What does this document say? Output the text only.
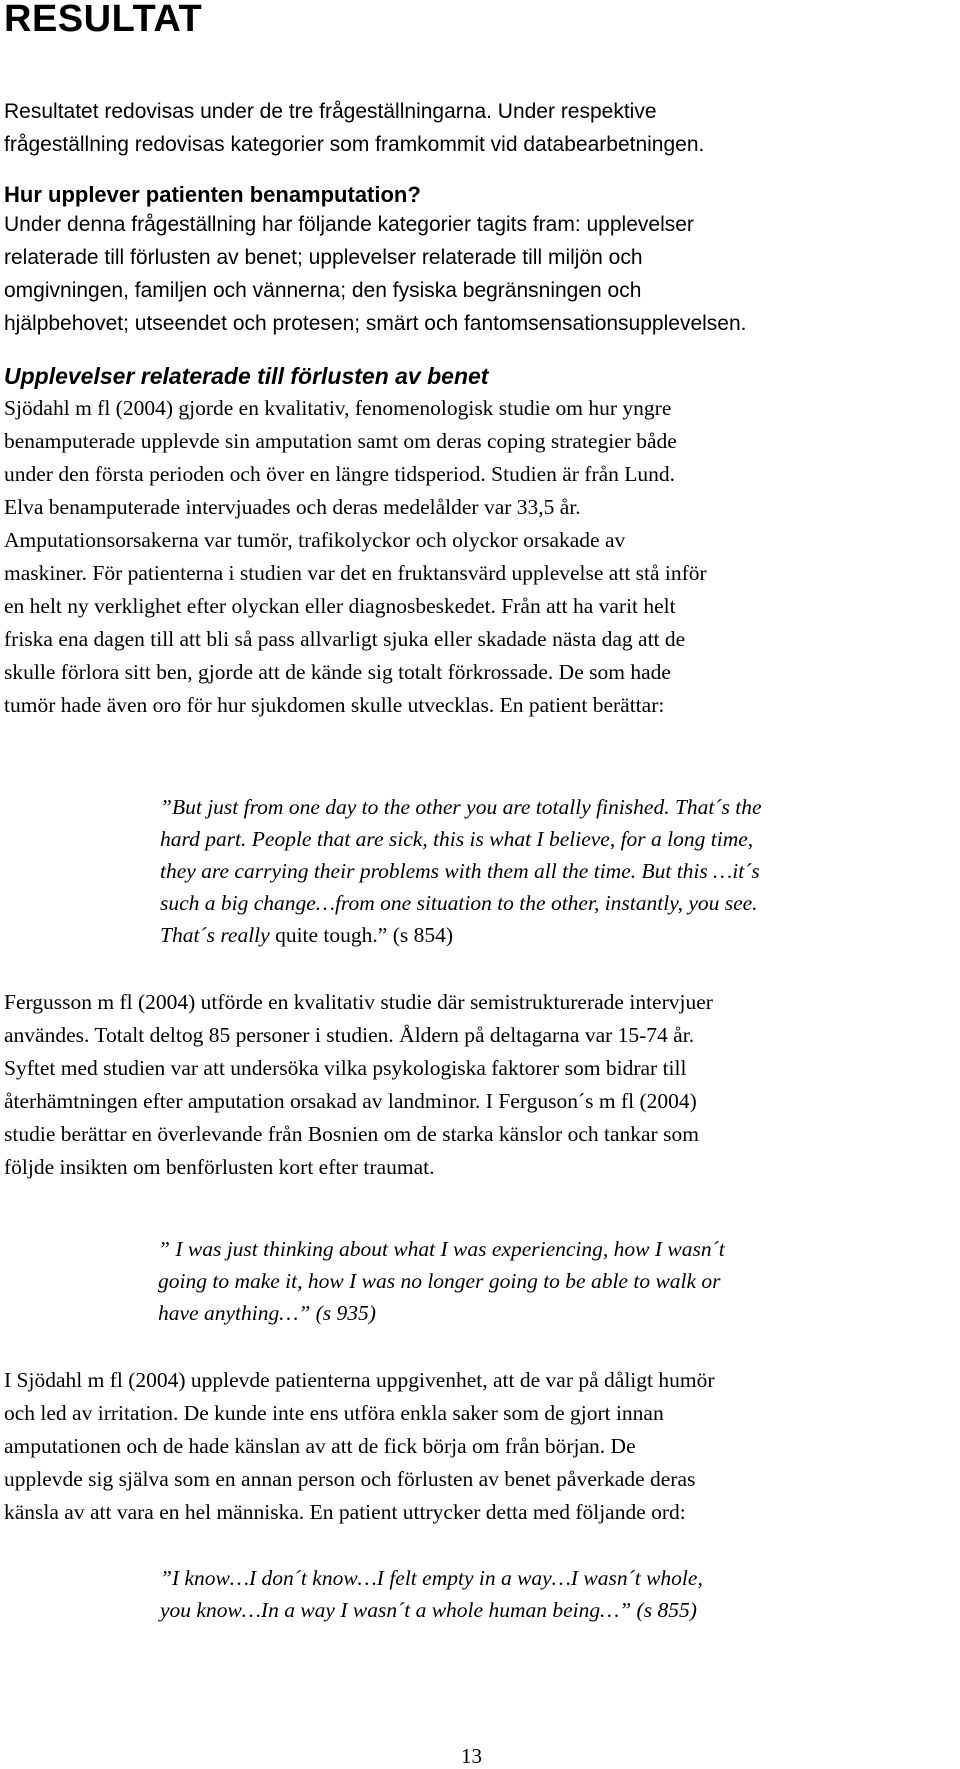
RESULTAT
Resultatet redovisas under de tre frågeställningarna. Under respektive
frågeställning redovisas kategorier som framkommit vid databearbetningen.
Hur upplever patienten benamputation?
Under denna frågeställning har följande kategorier tagits fram: upplevelser
relaterade till förlusten av benet; upplevelser relaterade till miljön och
omgivningen, familjen och vännerna; den fysiska begränsningen och
hjälpbehovet; utseendet och protesen; smärt och fantomsensationsupplevelsen.
Upplevelser relaterade till förlusten av benet
Sjödahl m fl (2004) gjorde en kvalitativ, fenomenologisk studie om hur yngre
benamputerade upplevde sin amputation samt om deras coping strategier både
under den första perioden och över en längre tidsperiod. Studien är från Lund.
Elva benamputerade intervjuades och deras medelålder var 33,5 år.
Amputationsorsakerna var tumör, trafikolyckor och olyckor orsakade av
maskiner. För patienterna i studien var det en fruktansvärd upplevelse att stå inför
en helt ny verklighet efter olyckan eller diagnosbeskedet. Från att ha varit helt
friska ena dagen till att bli så pass allvarligt sjuka eller skadade nästa dag att de
skulle förlora sitt ben, gjorde att de kände sig totalt förkrossade. De som hade
tumör hade även oro för hur sjukdomen skulle utvecklas. En patient berättar:
”But just from one day to the other you are totally finished. That´s the
hard part. People that are sick, this is what I believe, for a long time,
they are carrying their problems with them all the time. But this …it´s
such a big change…from one situation to the other, instantly, you see.
That´s really quite tough.” (s 854)
Fergusson m fl (2004) utförde en kvalitativ studie där semistrukturerade intervjuer
användes. Totalt deltog 85 personer i studien. Åldern på deltagarna var 15-74 år.
Syftet med studien var att undersöka vilka psykologiska faktorer som bidrar till
återhämtningen efter amputation orsakad av landminor. I Ferguson´s m fl (2004)
studie berättar en överlevande från Bosnien om de starka känslor och tankar som
följde insikten om benförlusten kort efter traumat.
” I was just thinking about what I was experiencing, how I wasn´t
going to make it, how I was no longer going to be able to walk or
have anything…” (s 935)
I Sjödahl m fl (2004) upplevde patienterna uppgivenhet, att de var på dåligt humör
och led av irritation. De kunde inte ens utföra enkla saker som de gjort innan
amputationen och de hade känslan av att de fick börja om från början. De
upplevde sig själva som en annan person och förlusten av benet påverkade deras
känsla av att vara en hel människa. En patient uttrycker detta med följande ord:
”I know…I don´t know…I felt empty in a way…I wasn´t whole,
you know…In a way I wasn´t a whole human being…” (s 855)
13
